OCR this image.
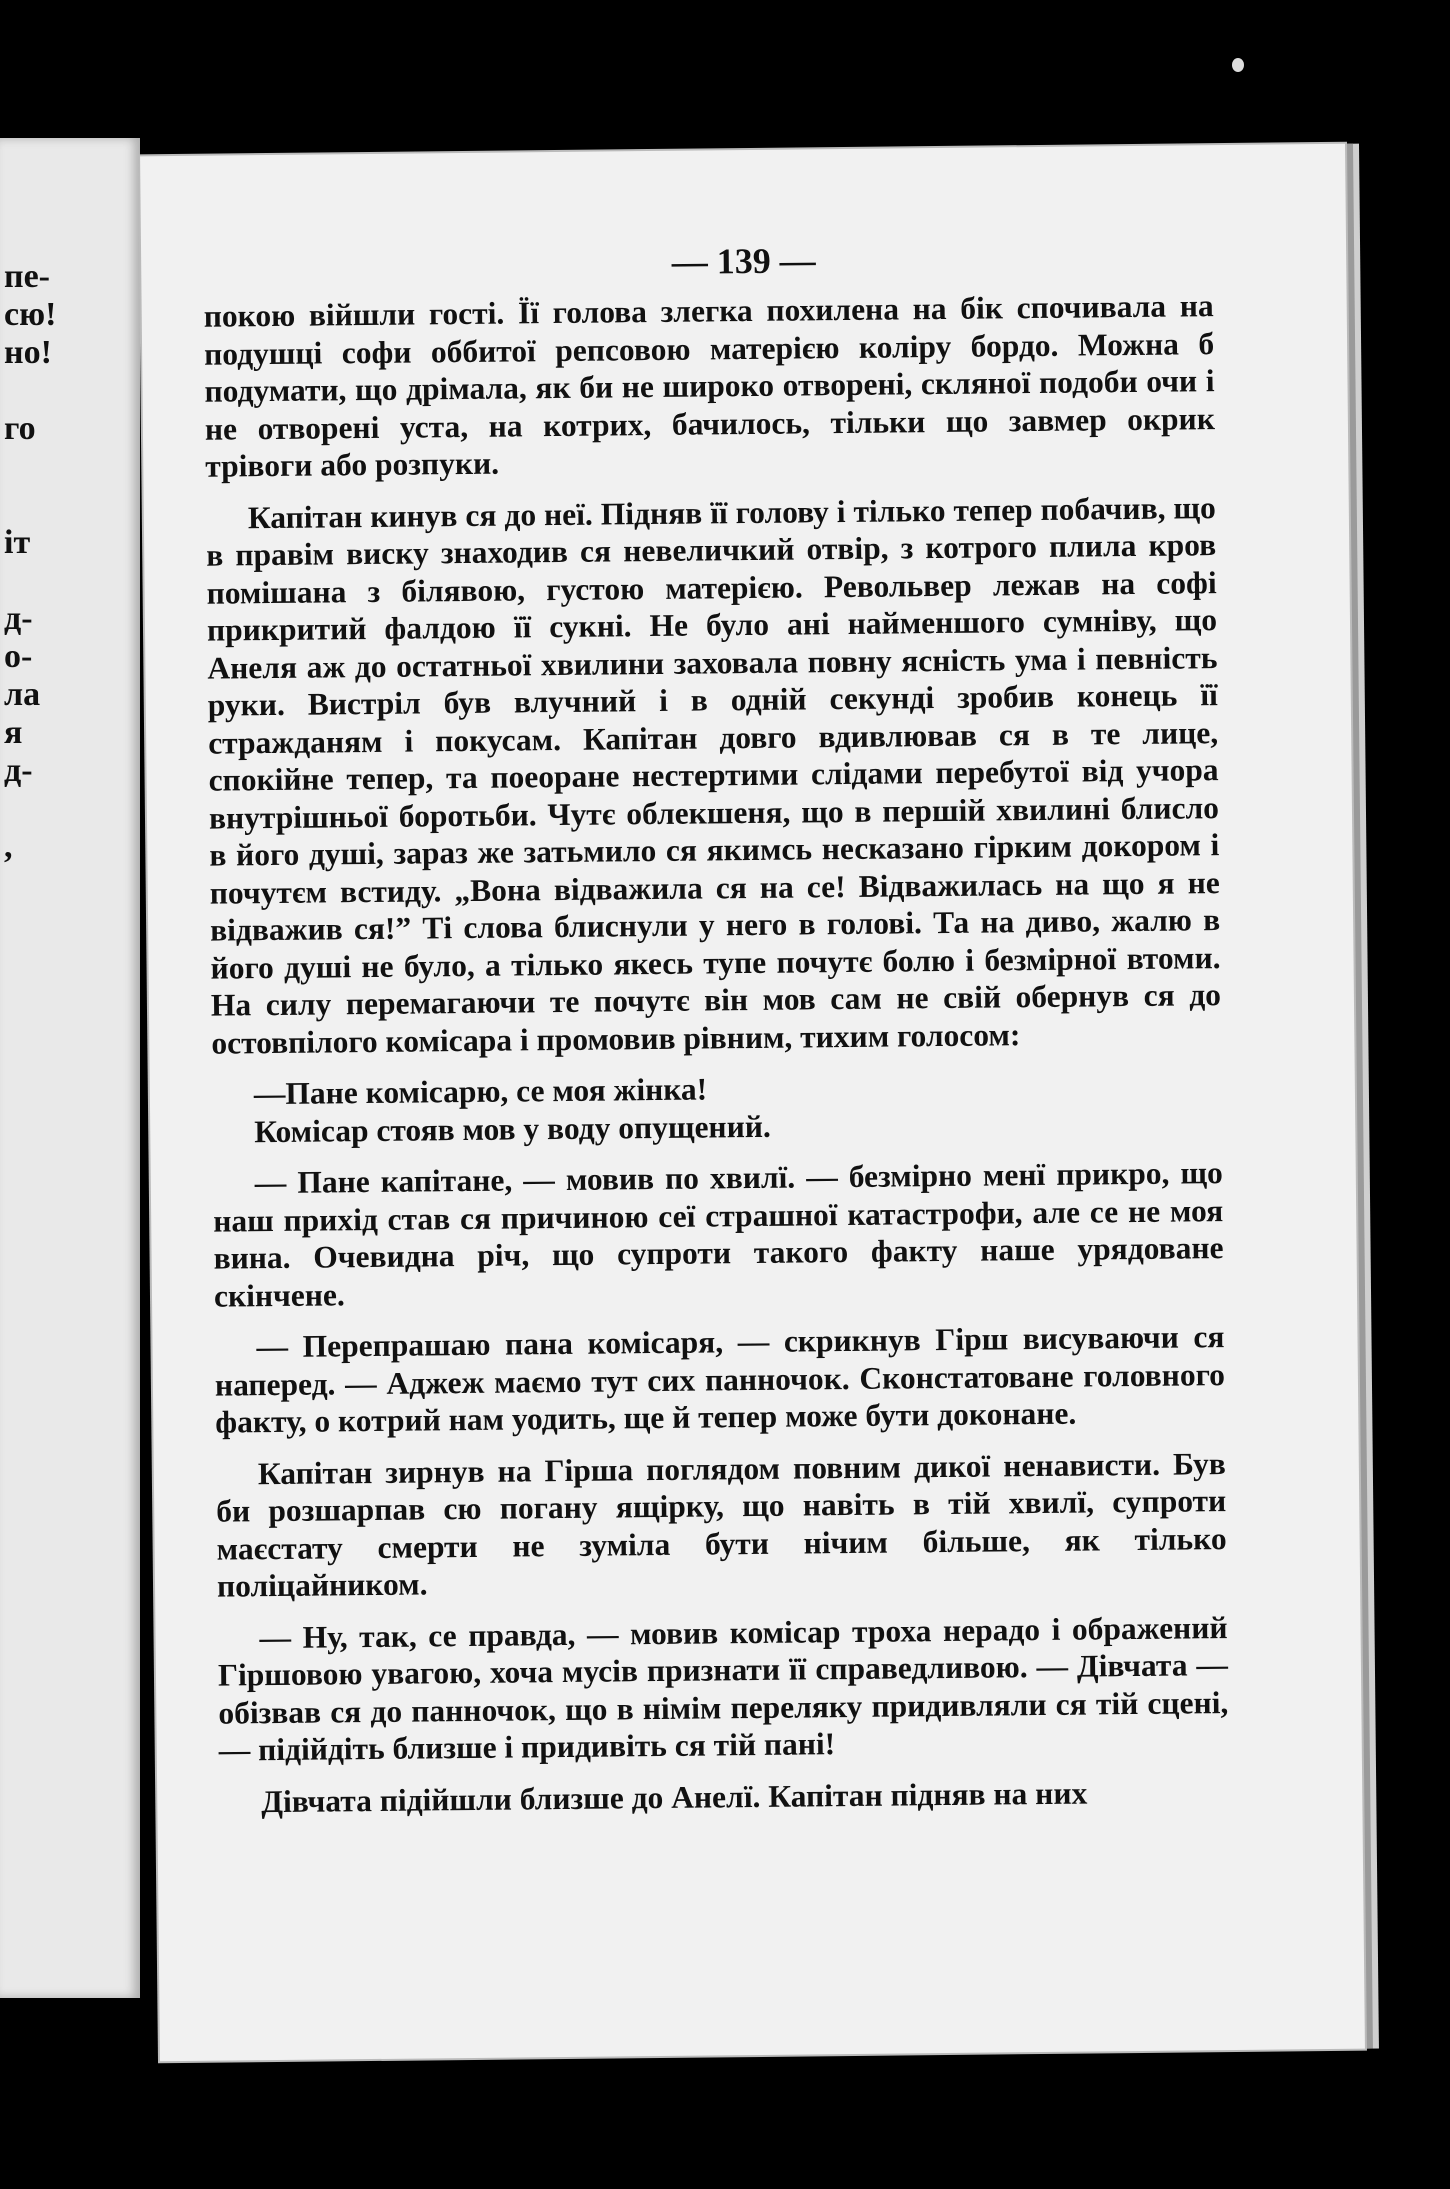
пе-
сю!
но!
го
іт
д-
о-
ла
я
д-
,
— 139 —

покою війшли гості. Її голова злегка похилена на бік спочивала на подушці софи оббитої репсовою матерією коліру бордо. Можна б подумати, що дрімала, як би не широко отворені, скляної подоби очи і не отворені уста, на котрих, бачилось, тільки що завмер окрик трівоги або розпуки.

Капітан кинув ся до неї. Підняв її голову і тілько тепер побачив, що в правім виску знаходив ся невеличкий отвір, з котрого плила кров помішана з білявою, густою матерією. Револьвер лежав на софі прикритий фалдою її сукні. Не було ані найменшого сумніву, що Анеля аж до остатньої хвилини заховала повну ясність ума і певність руки. Вистріл був влучний і в одній секунді зробив конець її стражданям і покусам. Капітан довго вдивлював ся в те лице, спокійне тепер, та поеоране нестертими слідами перебутої від учора внутрішньої боротьби. Чутє облекшеня, що в першій хвилині блисло в його душі, зараз же затьмило ся якимсь несказано гірким докором і почутєм встиду. „Вона відважила ся на се! Відважилась на що я не відважив ся!” Ті слова блиснули у него в голові. Та на диво, жалю в його душі не було, а тілько якесь тупе почутє болю і безмірної втоми. На силу перемагаючи те почутє він мов сам не свій обернув ся до остовпілого комісара і промовив рівним, тихим голосом:

—Пане комісарю, се моя жінка!

Комісар стояв мов у воду опущений.

— Пане капітане, — мовив по хвилї. — безмірно менї прикро, що наш прихід став ся причиною сеї страшної катастрофи, але се не моя вина. Очевидна річ, що супроти такого факту наше урядоване скінчене.

— Перепрашаю пана комісаря, — скрикнув Гірш висуваючи ся наперед. — Аджеж маємо тут сих панночок. Сконстатоване головного факту, о котрий нам уодить, ще й тепер може бути доконане.

Капітан зирнув на Гірша поглядом повним дикої ненависти. Був би розшарпав сю погану ящірку, що навіть в тій хвилї, супроти маєстату смерти не зуміла бути нічим більше, як тілько поліцайником.

— Ну, так, се правда, — мовив комісар троха нерадо і ображений Гіршовою увагою, хоча мусів признати її справедливою. — Дівчата — обізвав ся до панночок, що в німім переляку придивляли ся тій сцені, — підійдіть близше і придивіть ся тій пані!

Дівчата підійшли близше до Анелї. Капітан підняв на них
